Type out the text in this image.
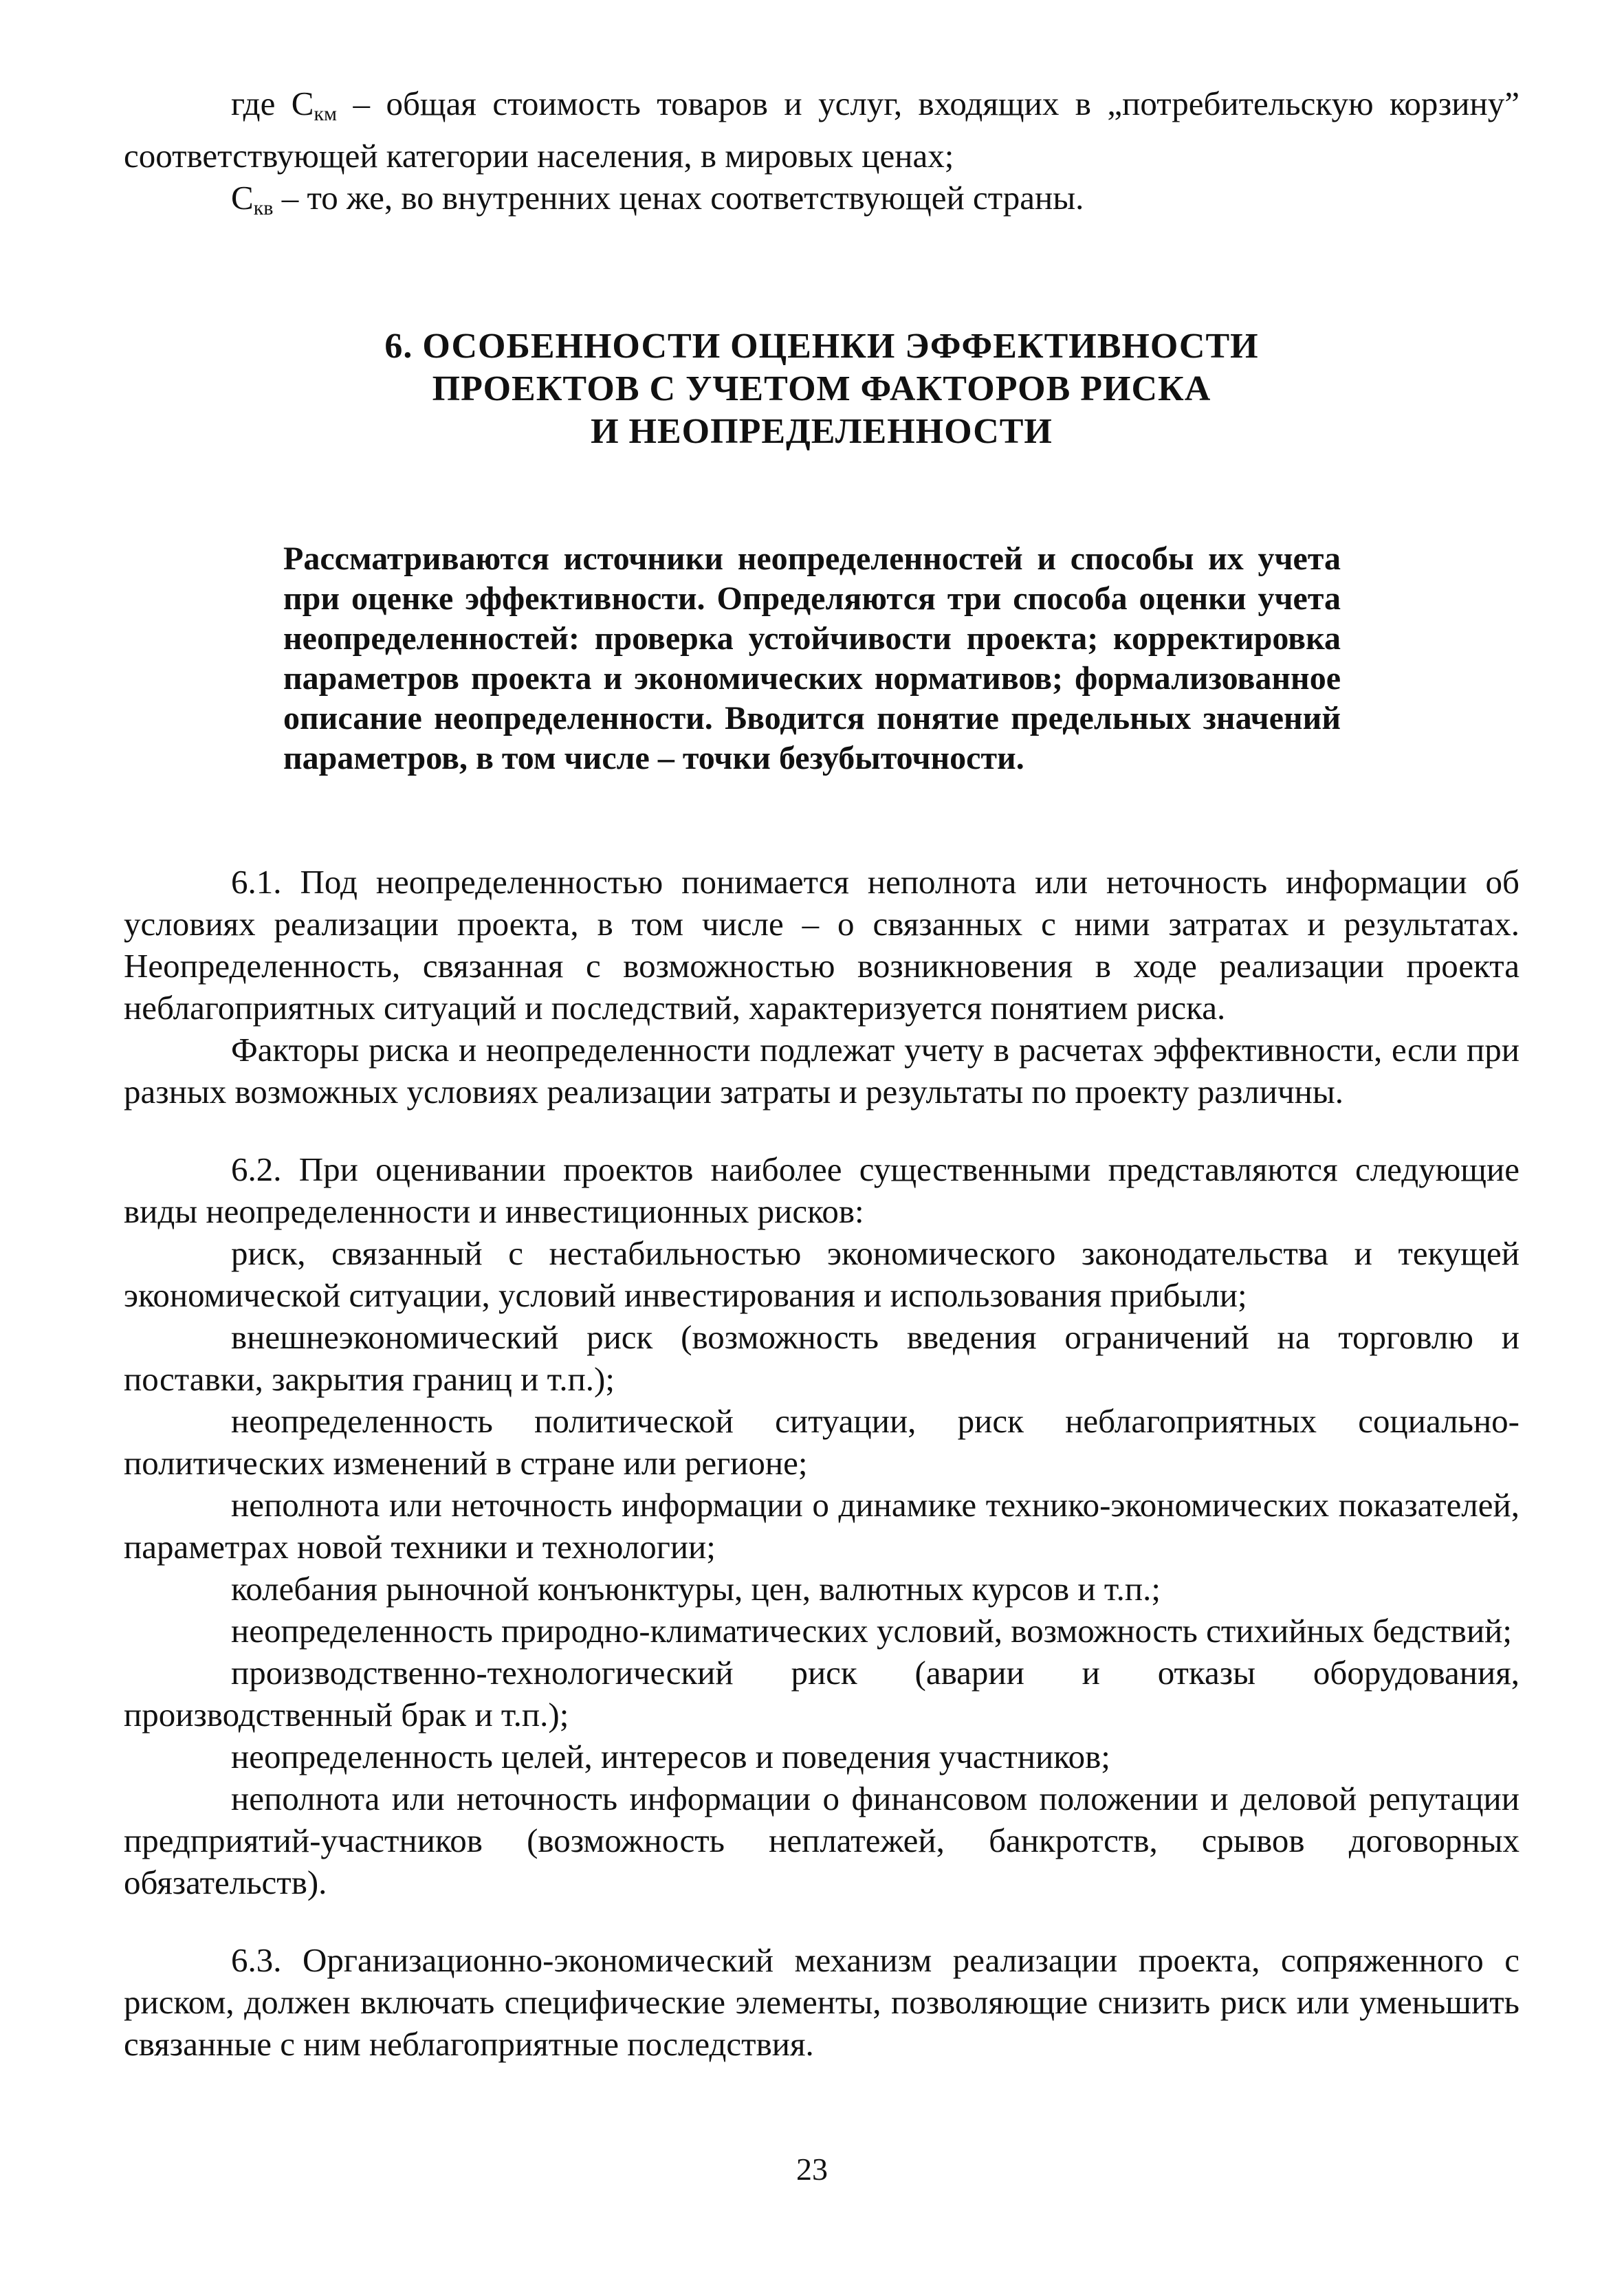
где $C_{км}$ – общая стоимость товаров и услуг, входящих в „потребительскую корзину” соответствующей категории населения, в мировых ценах;

$C_{кв}$ – то же, во внутренних ценах соответствующей страны.

6. ОСОБЕННОСТИ ОЦЕНКИ ЭФФЕКТИВНОСТИ
ПРОЕКТОВ С УЧЕТОМ ФАКТОРОВ РИСКА
И НЕОПРЕДЕЛЕННОСТИ

Рассматриваются источники неопределенностей и способы их учета при оценке эффективности. Определяются три способа оценки учета неопределенностей: проверка устойчивости проекта; корректировка параметров проекта и экономических нормативов; формализованное описание неопределенности. Вводится понятие предельных значений параметров, в том числе – точки безубыточности.

6.1. Под неопределенностью понимается неполнота или неточность информации об условиях реализации проекта, в том числе – о связанных с ними затратах и результатах. Неопределенность, связанная с возможностью возникновения в ходе реализации проекта неблагоприятных ситуаций и последствий, характеризуется понятием риска.

Факторы риска и неопределенности подлежат учету в расчетах эффективности, если при разных возможных условиях реализации затраты и результаты по проекту различны.

6.2. При оценивании проектов наиболее существенными представляются следующие виды неопределенности и инвестиционных рисков:

риск, связанный с нестабильностью экономического законодательства и текущей экономической ситуации, условий инвестирования и использования прибыли;

внешнеэкономический риск (возможность введения ограничений на торговлю и поставки, закрытия границ и т.п.);

неопределенность политической ситуации, риск неблагоприятных социально-политических изменений в стране или регионе;

неполнота или неточность информации о динамике технико-экономических показателей, параметрах новой техники и технологии;

колебания рыночной конъюнктуры, цен, валютных курсов и т.п.;

неопределенность природно-климатических условий, возможность стихийных бедствий;

производственно-технологический риск (аварии и отказы оборудования, производственный брак и т.п.);

неопределенность целей, интересов и поведения участников;

неполнота или неточность информации о финансовом положении и деловой репутации предприятий-участников (возможность неплатежей, банкротств, срывов договорных обязательств).

6.3. Организационно-экономический механизм реализации проекта, сопряженного с риском, должен включать специфические элементы, позволяющие снизить риск или уменьшить связанные с ним неблагоприятные последствия.

23
